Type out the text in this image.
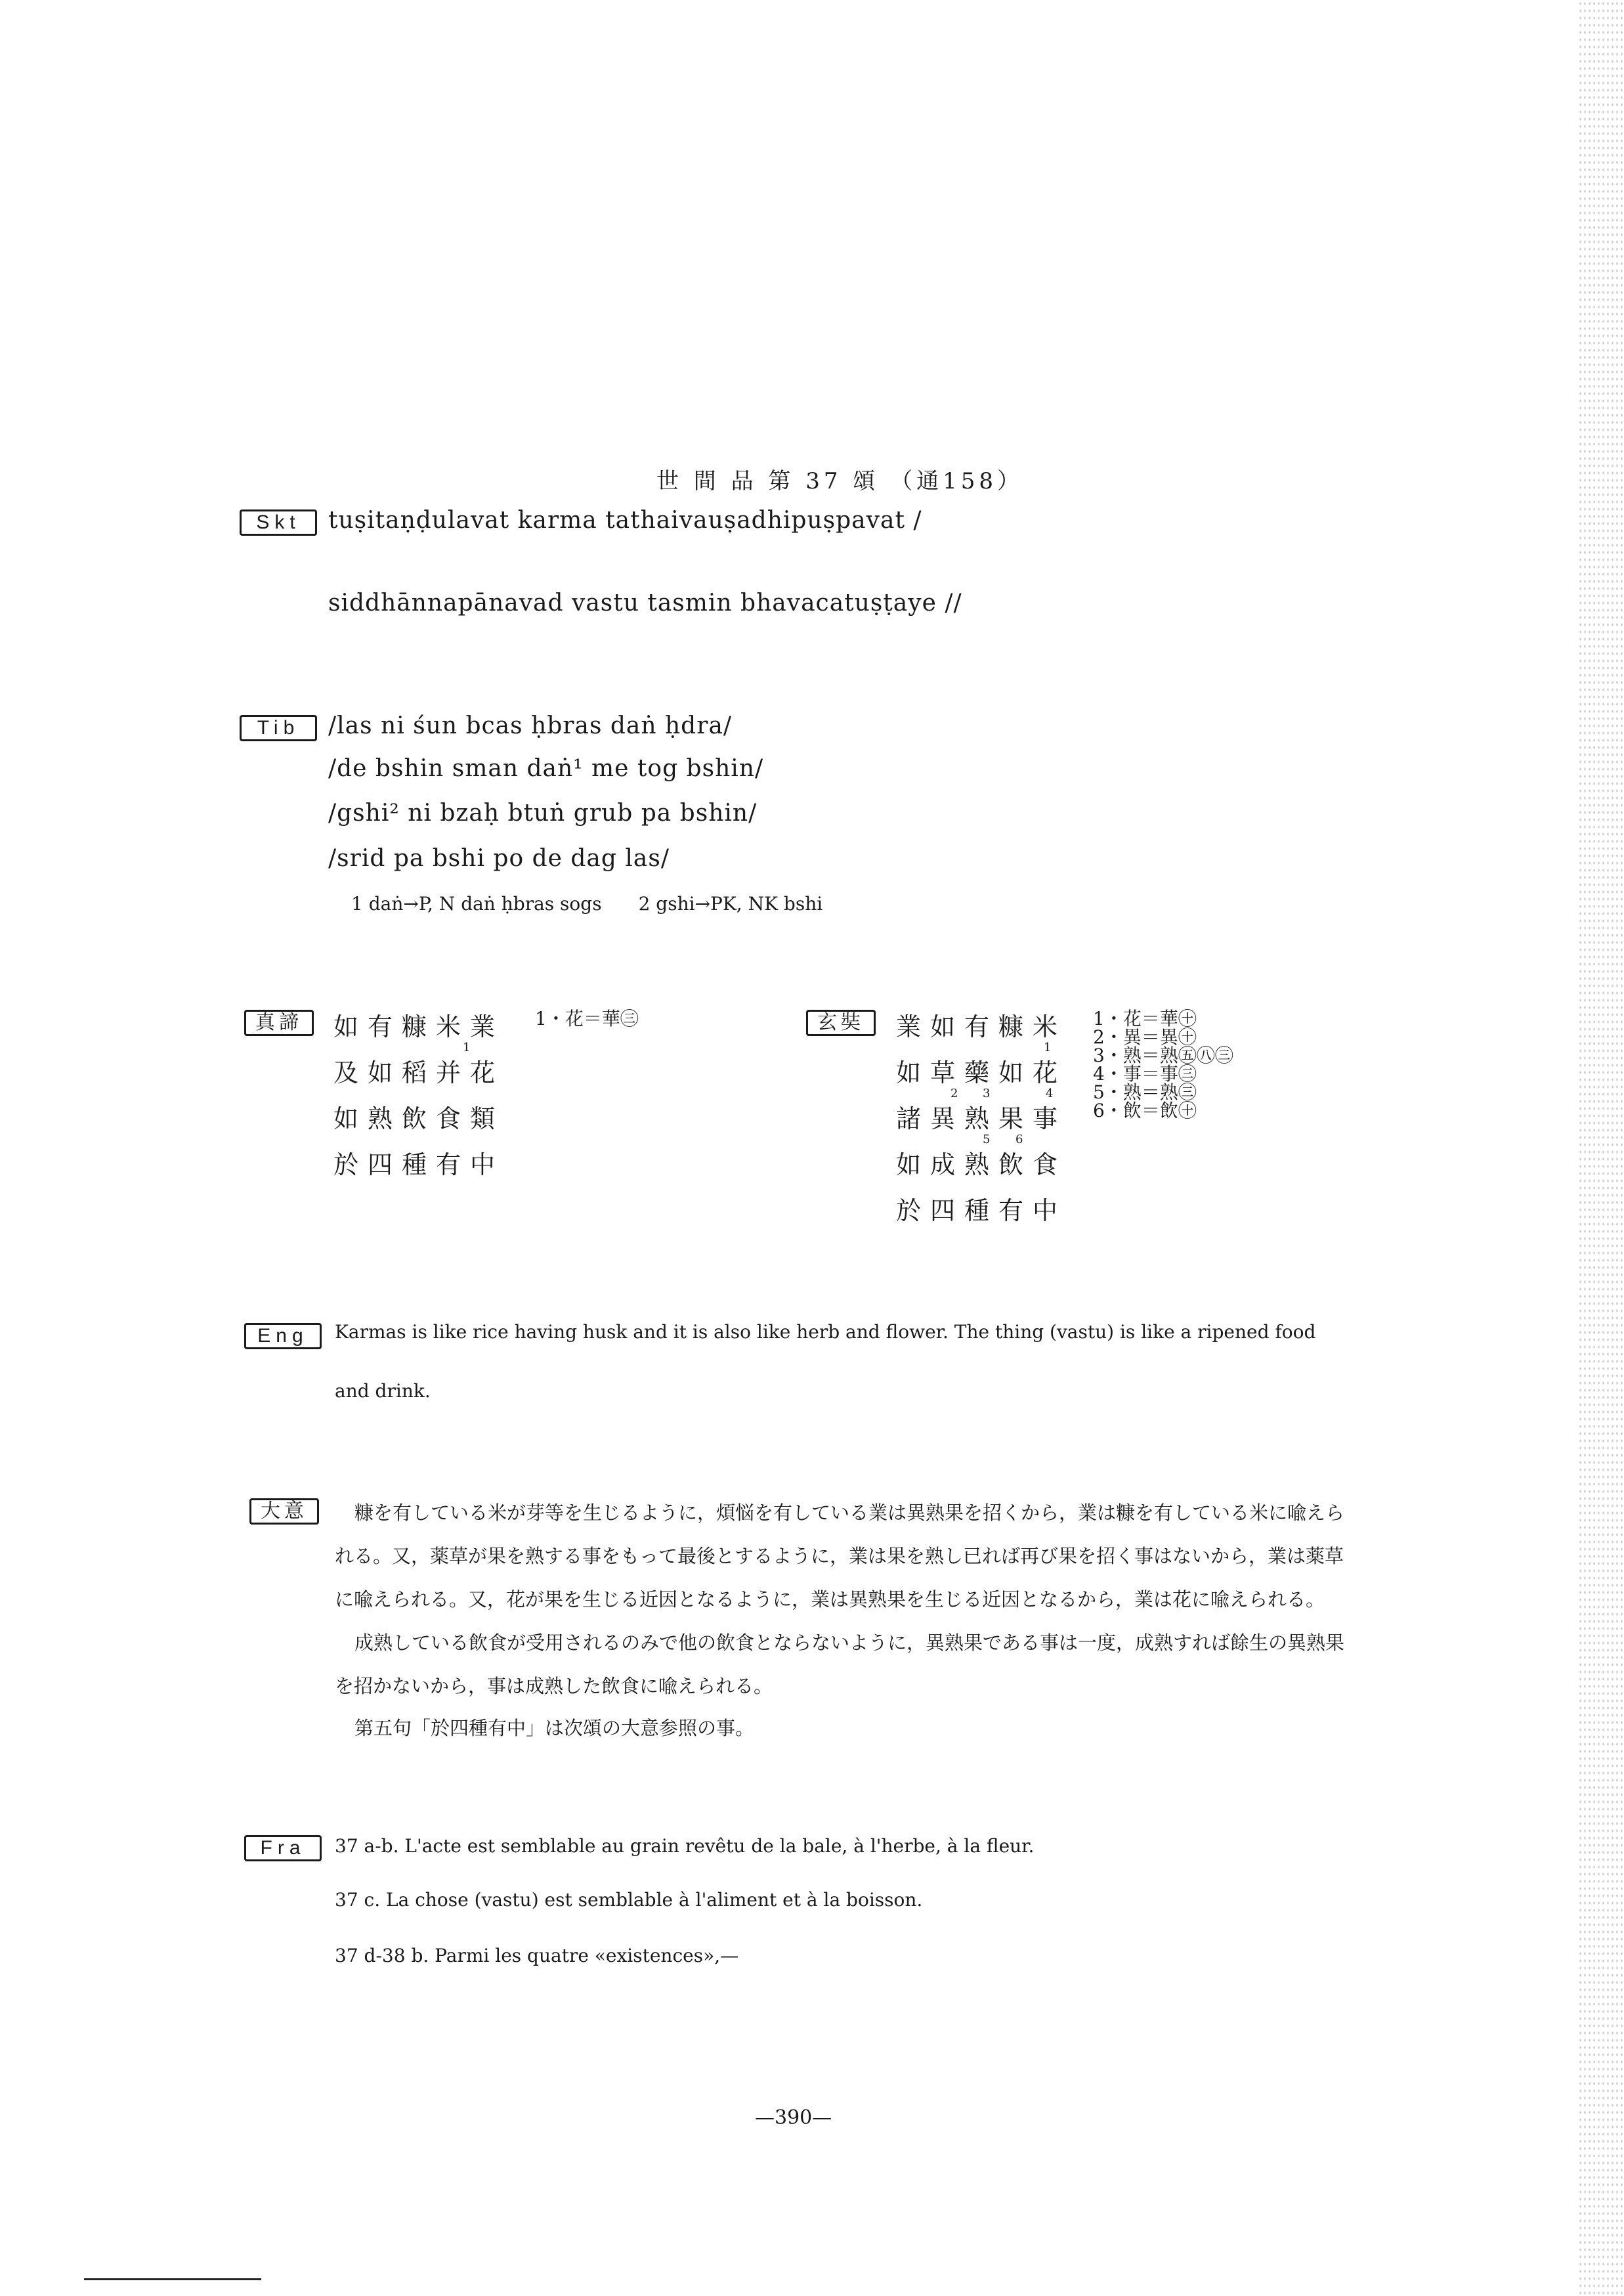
世 間 品 第 37 頌 （通158）
Skt	tuṣitaṇḍulavat karma tathaivauṣadhipuṣpavat /
siddhānnapānavad vastu tasmin bhavacatuṣṭaye //
Tib	/las ni śun bcas ḥbras daṅ ḥdra/
/de bshin sman daṅ¹ me tog bshin/
/gshi² ni bzaḥ btuṅ grub pa bshin/
/srid pa bshi po de dag las/
1 daṅ→P, N daṅ ḥbras sogs　　2 gshi→PK, NK bshi
真諦	如有糠米業
及如稻并花
如熟飲食類
於四種有中
1
1・花＝華㊂	玄奘	業如有糠米
如草藥如花
諸異熟果事
如成熟飲食
於四種有中
1
2 3	4
5 6
1・花＝華㊉
2・異＝異㊉
3・熟＝熟㊄㊇㊂
4・事＝事㊂
5・熟＝熟㊂
6・飲＝飲㊉
Eng	Karmas is like rice having husk and it is also like herb and flower. The thing (vastu) is like a ripened food
and drink.
大意	糠を有している米が芽等を生じるように，煩悩を有している業は異熟果を招くから，業は糠を有している米に喩えら
れる。又，薬草が果を熟する事をもって最後とするように，業は果を熟し已れば再び果を招く事はないから，業は薬草
に喩えられる。又，花が果を生じる近因となるように，業は異熟果を生じる近因となるから，業は花に喩えられる。
成熟している飲食が受用されるのみで他の飲食とならないように，異熟果である事は一度，成熟すれば餘生の異熟果
を招かないから，事は成熟した飲食に喩えられる。
第五句「於四種有中」は次頌の大意参照の事。
Fra	37 a-b. L'acte est semblable au grain revêtu de la bale, à l'herbe, à la fleur.
37 c. La chose (vastu) est semblable à l'aliment et à la boisson.
37 d-38 b. Parmi les quatre «existences»,—
—390—
